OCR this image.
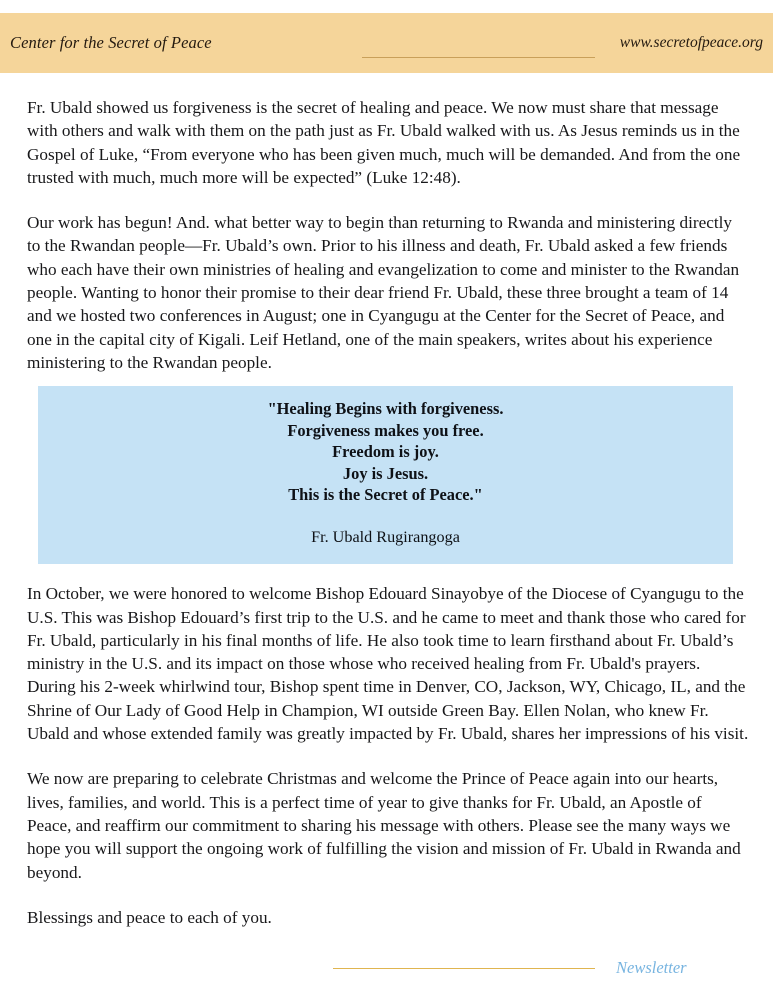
Center for the Secret of Peace	www.secretofpeace.org

Fr. Ubald showed us forgiveness is the secret of healing and peace. We now must share that message with others and walk with them on the path just as Fr. Ubald walked with us. As Jesus reminds us in the Gospel of Luke, “From everyone who has been given much, much will be demanded. And from the one trusted with much, much more will be expected” (Luke 12:48).

Our work has begun! And. what better way to begin than returning to Rwanda and ministering directly to the Rwandan people—Fr. Ubald’s own. Prior to his illness and death, Fr. Ubald asked a few friends who each have their own ministries of healing and evangelization to come and minister to the Rwandan people. Wanting to honor their promise to their dear friend Fr. Ubald, these three brought a team of 14 and we hosted two conferences in August; one in Cyangugu at the Center for the Secret of Peace, and one in the capital city of Kigali. Leif Hetland, one of the main speakers, writes about his experience ministering to the Rwandan people.

"Healing Begins with forgiveness.
Forgiveness makes you free.
Freedom is joy.
Joy is Jesus.
This is the Secret of Peace."
Fr. Ubald Rugirangoga

In October, we were honored to welcome Bishop Edouard Sinayobye of the Diocese of Cyangugu to the U.S. This was Bishop Edouard’s first trip to the U.S. and he came to meet and thank those who cared for Fr. Ubald, particularly in his final months of life. He also took time to learn firsthand about Fr. Ubald’s ministry in the U.S. and its impact on those whose who received healing from Fr. Ubald's prayers. During his 2-week whirlwind tour, Bishop spent time in Denver, CO, Jackson, WY, Chicago, IL, and the Shrine of Our Lady of Good Help in Champion, WI outside Green Bay. Ellen Nolan, who knew Fr. Ubald and whose extended family was greatly impacted by Fr. Ubald, shares her impressions of his visit.

We now are preparing to celebrate Christmas and welcome the Prince of Peace again into our hearts, lives, families, and world. This is a perfect time of year to give thanks for Fr. Ubald, an Apostle of Peace, and reaffirm our commitment to sharing his message with others. Please see the many ways we hope you will support the ongoing work of fulfilling the vision and mission of Fr. Ubald in Rwanda and beyond.

Blessings and peace to each of you.

Newsletter
